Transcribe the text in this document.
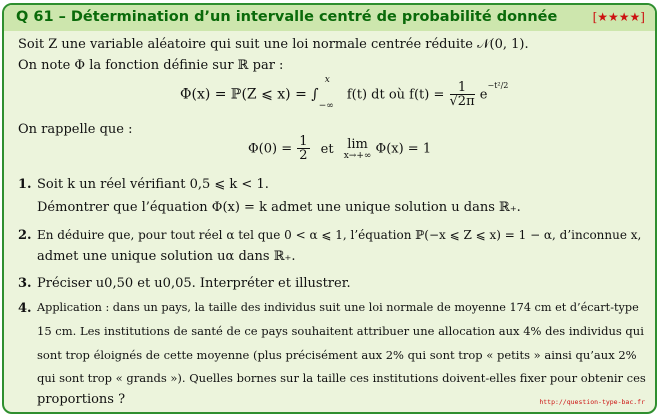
Q 61 – Détermination d’un intervalle centré de probabilité donnée	[★★★★]
Soit Z une variable aléatoire qui suit une loi normale centrée réduite 𝒩(0, 1).
On note Φ la fonction définie sur ℝ par :
Φ(x) = ℙ(Z ⩽ x) = ∫
x
−∞
f(t) dt où $f(t) = \frac{1}{√2\pi} e^{-t^2/2}$
On rappelle que :
$\Phi(0) = \frac{1}{2}$ et lim
x→+∞ Φ(x) = 1
1. Soit k un réel vérifiant 0,5 ⩽ k < 1.
Démontrer que l’équation Φ(x) = k admet une unique solution u dans ℝ₊.
2. En déduire que, pour tout réel α tel que 0 < α ⩽ 1, l’équation ℙ(−x ⩽ Z ⩽ x) = 1 − α, d’inconnue x,
admet une unique solution uα dans ℝ₊.
3. Préciser u0,50 et u0,05. Interpréter et illustrer.
4. Application : dans un pays, la taille des individus suit une loi normale de moyenne 174 cm et d’écart-type
15 cm. Les institutions de santé de ce pays souhaitent attribuer une allocation aux 4% des individus qui
sont trop éloignés de cette moyenne (plus précisément aux 2% qui sont trop « petits » ainsi qu’aux 2%
qui sont trop « grands »). Quelles bornes sur la taille ces institutions doivent-elles fixer pour obtenir ces
proportions ?	http://question-type-bac.fr
